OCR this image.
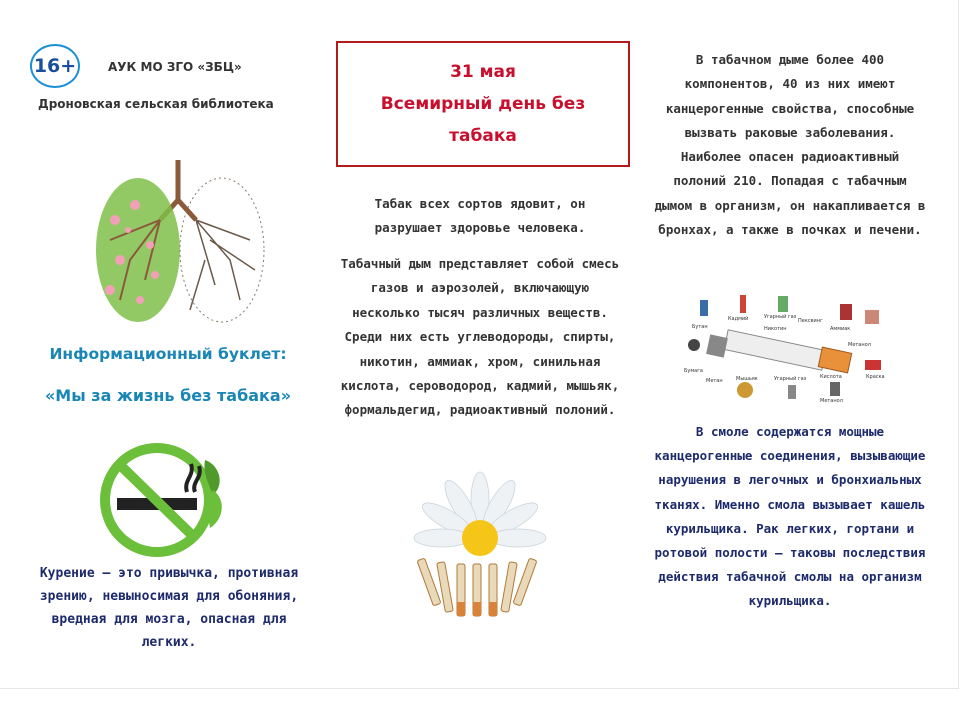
16+	АУК МО ЗГО «ЗБЦ»
Дроновская сельская библиотека
Информационный буклет:
«Мы за жизнь без табака»
Курение – это привычка, противная зрению, невыносимая для обоняния, вредная для мозга, опасная для легких.
31 мая
Всемирный день без
табака
Табак всех сортов ядовит, он разрушает здоровье человека.
Табачный дым представляет собой смесь газов и аэрозолей, включающую несколько тысяч различных веществ. Среди них есть углеводороды, спирты, никотин, аммиак, хром, синильная кислота, сероводород, кадмий, мышьяк, формальдегид, радиоактивный полоний.
В табачном дыме более 400 компонентов, 40 из них имеют канцерогенные свойства, способные вызвать раковые заболевания. Наиболее опасен радиоактивный полоний 210. Попадая с табачным дымом в организм, он накапливается в бронхах, а также в почках и печени.
Бутан
Кадмий	Угарный газ
Никотин	Аммиак
Пексвинг
Метанол
Бумага
Метан	Мышьяк	Угарный газ	Кислота	Краска
Метанол
В смоле содержатся мощные канцерогенные соединения, вызывающие нарушения в легочных и бронхиальных тканях. Именно смола вызывает кашель курильщика. Рак легких, гортани и ротовой полости – таковы последствия действия табачной смолы на организм курильщика.
